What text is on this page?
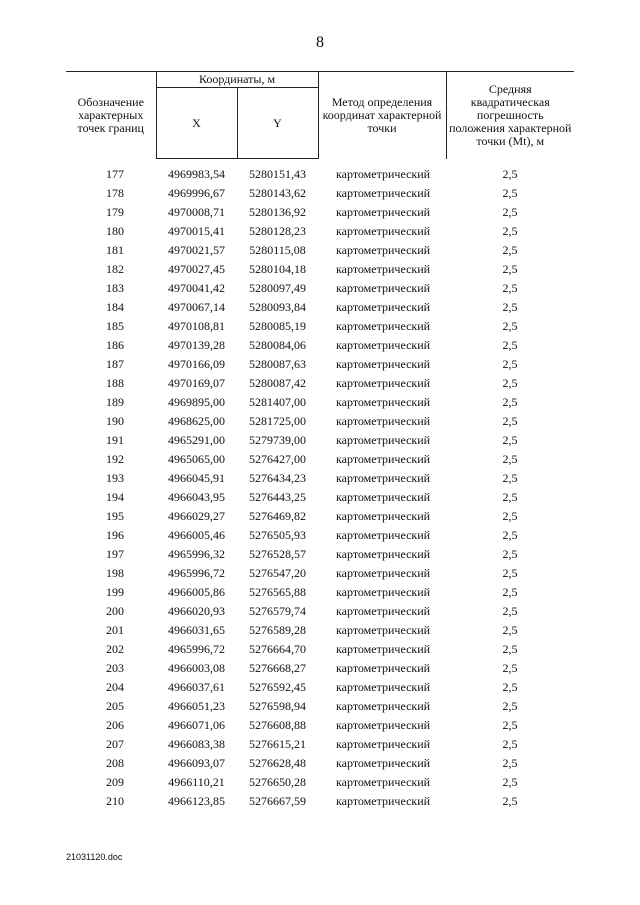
8
Обозначение характерных точек границ	Координаты, м		Метод определения координат характерной точки	Средняя квадратическая погрешность положения характерной точки (Mt), м
	X	Y		

177	4969983,54	5280151,43	картометрический	2,5
178	4969996,67	5280143,62	картометрический	2,5
179	4970008,71	5280136,92	картометрический	2,5
180	4970015,41	5280128,23	картометрический	2,5
181	4970021,57	5280115,08	картометрический	2,5
182	4970027,45	5280104,18	картометрический	2,5
183	4970041,42	5280097,49	картометрический	2,5
184	4970067,14	5280093,84	картометрический	2,5
185	4970108,81	5280085,19	картометрический	2,5
186	4970139,28	5280084,06	картометрический	2,5
187	4970166,09	5280087,63	картометрический	2,5
188	4970169,07	5280087,42	картометрический	2,5
189	4969895,00	5281407,00	картометрический	2,5
190	4968625,00	5281725,00	картометрический	2,5
191	4965291,00	5279739,00	картометрический	2,5
192	4965065,00	5276427,00	картометрический	2,5
193	4966045,91	5276434,23	картометрический	2,5
194	4966043,95	5276443,25	картометрический	2,5
195	4966029,27	5276469,82	картометрический	2,5
196	4966005,46	5276505,93	картометрический	2,5
197	4965996,32	5276528,57	картометрический	2,5
198	4965996,72	5276547,20	картометрический	2,5
199	4966005,86	5276565,88	картометрический	2,5
200	4966020,93	5276579,74	картометрический	2,5
201	4966031,65	5276589,28	картометрический	2,5
202	4965996,72	5276664,70	картометрический	2,5
203	4966003,08	5276668,27	картометрический	2,5
204	4966037,61	5276592,45	картометрический	2,5
205	4966051,23	5276598,94	картометрический	2,5
206	4966071,06	5276608,88	картометрический	2,5
207	4966083,38	5276615,21	картометрический	2,5
208	4966093,07	5276628,48	картометрический	2,5
209	4966110,21	5276650,28	картометрический	2,5
210	4966123,85	5276667,59	картометрический	2,5
21031120.doc
